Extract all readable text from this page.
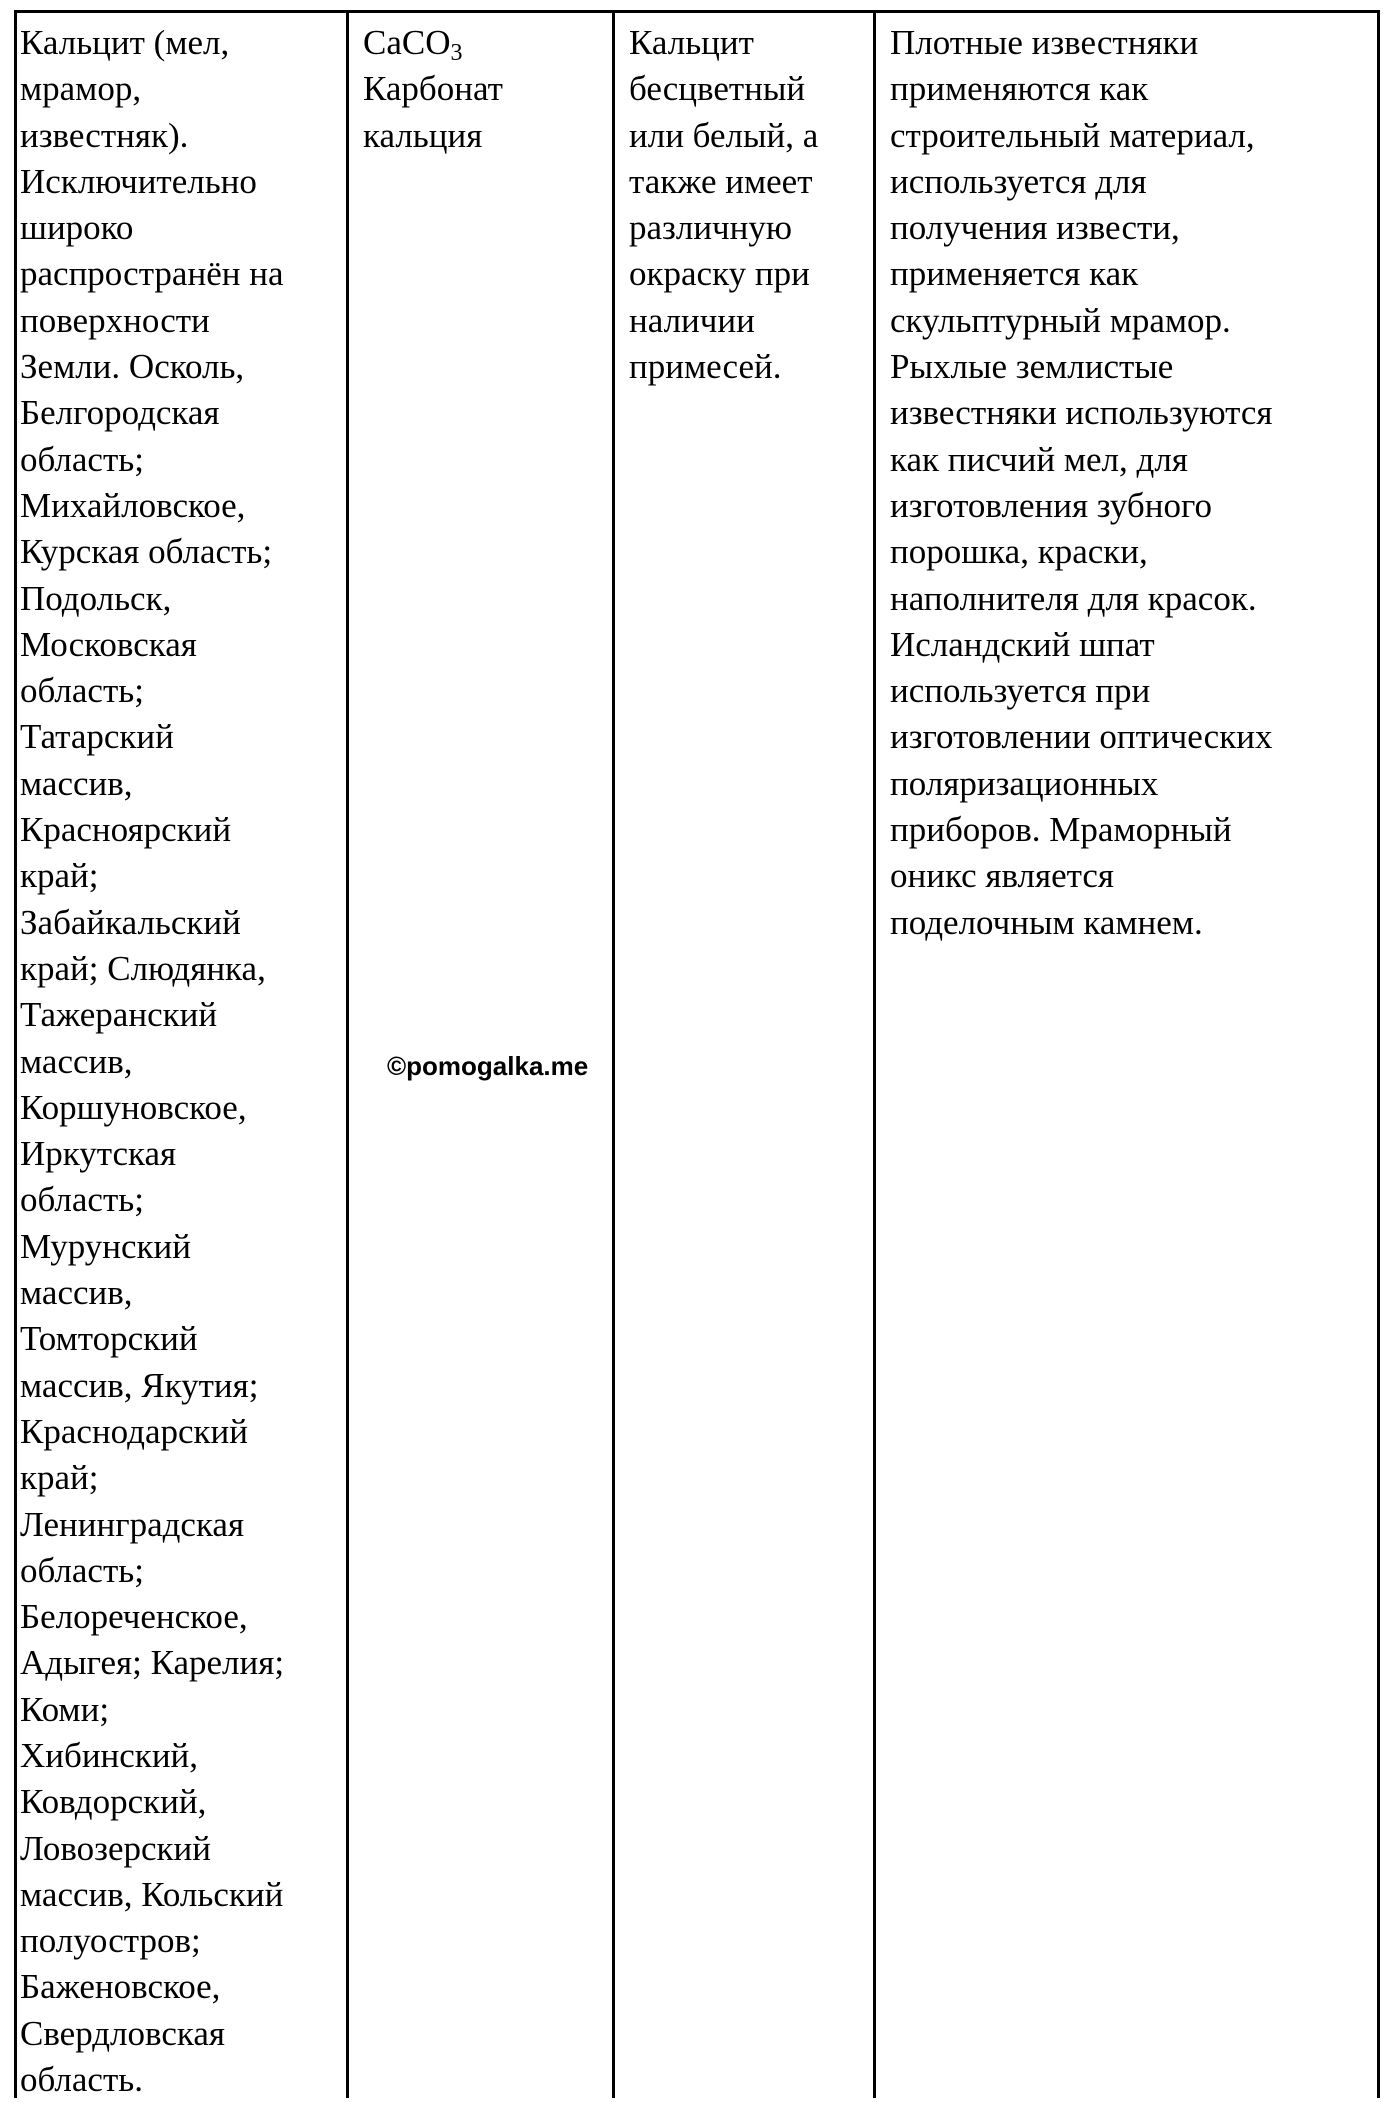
Кальцит (мел,
мрамор,
известняк).
Исключительно
широко
распространён на
поверхности
Земли. Осколь,
Белгородская
область;
Михайловское,
Курская область;
Подольск,
Московская
область;
Татарский
массив,
Красноярский
край;
Забайкальский
край; Слюдянка,
Тажеранский
массив,
Коршуновское,
Иркутская
область;
Мурунский
массив,
Томторский
массив, Якутия;
Краснодарский
край;
Ленинградская
область;
Белореченское,
Адыгея; Карелия;
Коми;
Хибинский,
Ковдорский,
Ловозерский
массив, Кольский
полуостров;
Баженовское,
Свердловская
область.
CaCO$_3$
Карбонат
кальция
Кальцит
бесцветный
или белый, а
также имеет
различную
окраску при
наличии
примесей.
Плотные известняки
применяются как
строительный материал,
используется для
получения извести,
применяется как
скульптурный мрамор.
Рыхлые землистые
известняки используются
как писчий мел, для
изготовления зубного
порошка, краски,
наполнителя для красок.
Исландский шпат
используется при
изготовлении оптических
поляризационных
приборов. Мраморный
оникс является
поделочным камнем.
©pomogalka.me
